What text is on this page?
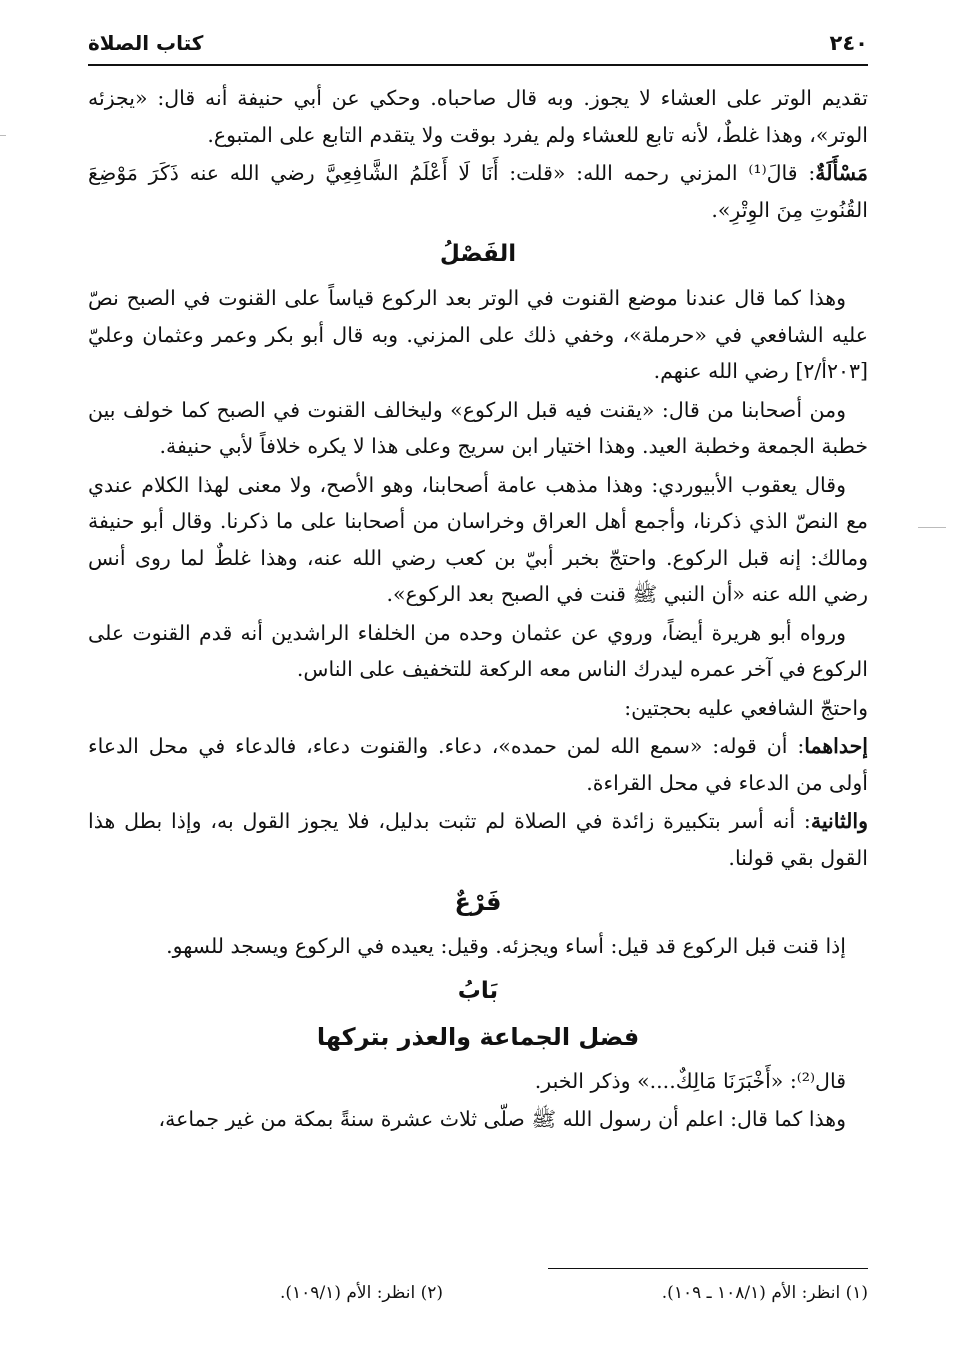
٢٤٠
كتاب الصلاة

تقديم الوتر على العشاء لا يجوز. وبه قال صاحباه. وحكي عن أبي حنيفة أنه قال: «يجزئه الوتر»، وهذا غلطٌ، لأنه تابع للعشاء ولم يفرد بوقت ولا يتقدم التابع على المتبوع.

مَسْأَلَةٌ: قالَ⁽¹⁾ المزني رحمه الله: «قلت: أَنَا لَا أَعْلَمُ الشَّافِعِيَّ رضي الله عنه ذَكَرَ مَوْضِعَ القُنُوتِ مِنَ الوِتْرِ».

الفَصْلُ

وهذا كما قال عندنا موضع القنوت في الوتر بعد الركوع قياساً على القنوت في الصبح نصّ عليه الشافعي في «حرملة»، وخفي ذلك على المزني. وبه قال أبو بكر وعمر وعثمان وعليّ [٢٠٣أ/٢] رضي الله عنهم.

ومن أصحابنا من قال: «يقنت فيه قبل الركوع» وليخالف القنوت في الصبح كما خولف بين خطبة الجمعة وخطبة العيد. وهذا اختيار ابن سريج وعلى هذا لا يكره خلافاً لأبي حنيفة.

وقال يعقوب الأبيوردي: وهذا مذهب عامة أصحابنا، وهو الأصح، ولا معنى لهذا الكلام عندي مع النصّ الذي ذكرنا، وأجمع أهل العراق وخراسان من أصحابنا على ما ذكرنا. وقال أبو حنيفة ومالك: إنه قبل الركوع. واحتجّ بخبر أبيّ بن كعب رضي الله عنه، وهذا غلطٌ لما روى أنس رضي الله عنه «أن النبي ﷺ قنت في الصبح بعد الركوع».

ورواه أبو هريرة أيضاً، وروي عن عثمان وحده من الخلفاء الراشدين أنه قدم القنوت على الركوع في آخر عمره ليدرك الناس معه الركعة للتخفيف على الناس.

واحتجّ الشافعي عليه بحجتين:

إحداهما: أن قوله: «سمع الله لمن حمده»، دعاء. والقنوت دعاء، فالدعاء في محل الدعاء أولى من الدعاء في محل القراءة.

والثانية: أنه أسر بتكبيرة زائدة في الصلاة لم تثبت بدليل، فلا يجوز القول به، وإذا بطل هذا القول بقي قولنا.

فَرْعٌ

إذا قنت قبل الركوع قد قيل: أساء ويجزئه. وقيل: يعيده في الركوع ويسجد للسهو.

بَابُ
فضل الجماعة والعذر بتركها

قال⁽²⁾: «أَخْبَرَنَا مَالِكٌ....» وذكر الخبر.

وهذا كما قال: اعلم أن رسول الله ﷺ صلّى ثلاث عشرة سنةً بمكة من غير جماعة،

(١) انظر: الأم (١٠٨/١ ـ ١٠٩).
(٢) انظر: الأم (١٠٩/١).
